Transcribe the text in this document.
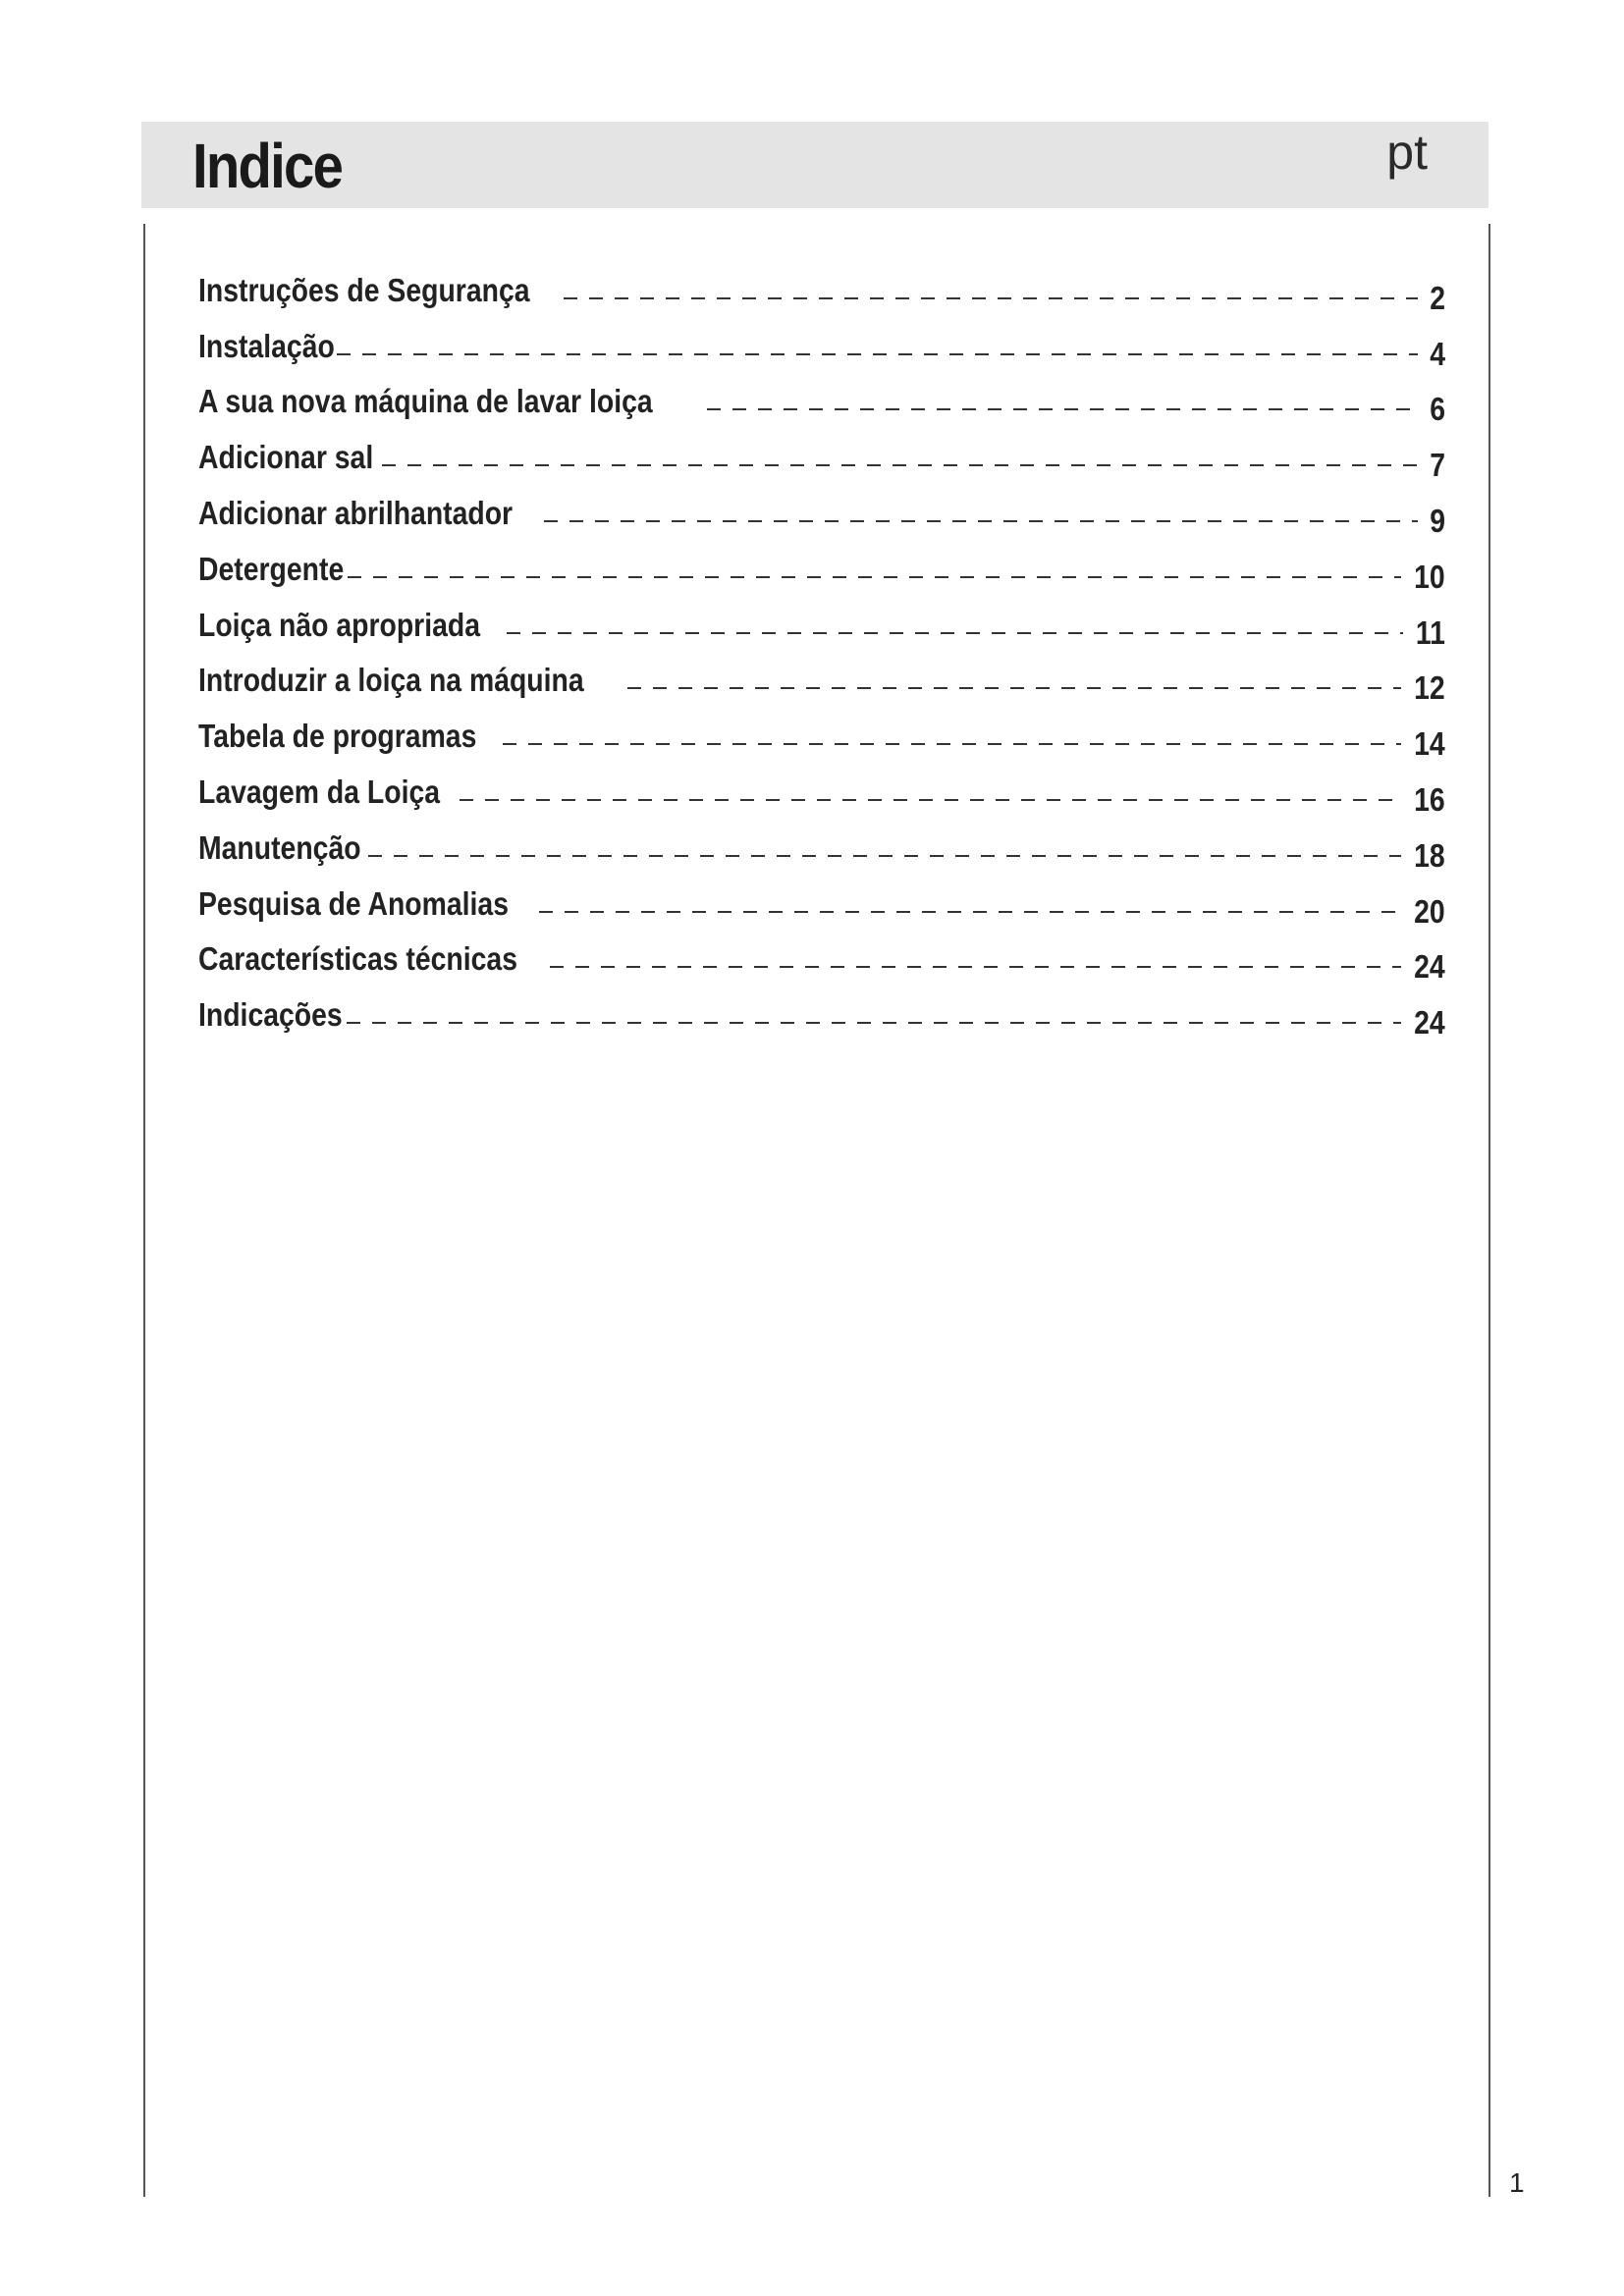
Indice	pt
Instruções de Segurança	2
Instalação	4
A sua nova máquina de lavar loiça	6
Adicionar sal	7
Adicionar abrilhantador	9
Detergente	10
Loiça não apropriada	11
Introduzir a loiça na máquina	12
Tabela de programas	14
Lavagem da Loiça	16
Manutenção	18
Pesquisa de Anomalias	20
Características técnicas	24
Indicações	24
1
